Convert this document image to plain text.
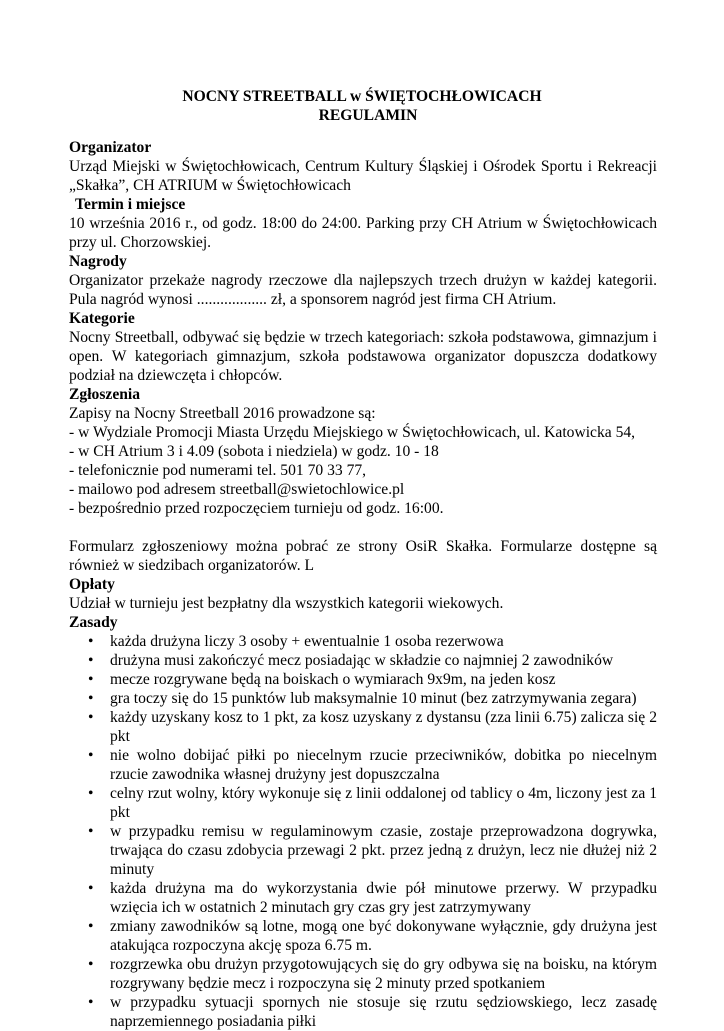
NOCNY STREETBALL w ŚWIĘTOCHŁOWICACH
REGULAMIN
Organizator
Urząd Miejski w Świętochłowicach, Centrum Kultury Śląskiej i Ośrodek Sportu i Rekreacji „Skałka”, CH ATRIUM w Świętochłowicach
Termin i miejsce
10 września 2016 r., od godz. 18:00 do 24:00. Parking przy CH Atrium w Świętochłowicach przy ul. Chorzowskiej.
Nagrody
Organizator przekaże nagrody rzeczowe dla najlepszych trzech drużyn w każdej kategorii. Pula nagród wynosi .................. zł, a sponsorem nagród jest firma CH Atrium.
Kategorie
Nocny Streetball, odbywać się będzie w trzech kategoriach: szkoła podstawowa, gimnazjum i open. W kategoriach gimnazjum, szkoła podstawowa organizator dopuszcza dodatkowy podział na dziewczęta i chłopców.
Zgłoszenia
Zapisy na Nocny Streetball 2016 prowadzone są:
- w Wydziale Promocji Miasta Urzędu Miejskiego w Świętochłowicach, ul. Katowicka 54,
- w CH Atrium 3 i 4.09 (sobota i niedziela) w godz. 10 - 18
- telefonicznie pod numerami tel. 501 70 33 77,
- mailowo pod adresem streetball@swietochlowice.pl
- bezpośrednio przed rozpoczęciem turnieju od godz. 16:00.
Formularz zgłoszeniowy można pobrać ze strony OsiR Skałka. Formularze dostępne są również w siedzibach organizatorów. L
Opłaty
Udział w turnieju jest bezpłatny dla wszystkich kategorii wiekowych.
Zasady
• każda drużyna liczy 3 osoby + ewentualnie 1 osoba rezerwowa
• drużyna musi zakończyć mecz posiadając w składzie co najmniej 2 zawodników
• mecze rozgrywane będą na boiskach o wymiarach 9x9m, na jeden kosz
• gra toczy się do 15 punktów lub maksymalnie 10 minut (bez zatrzymywania zegara)
• każdy uzyskany kosz to 1 pkt, za kosz uzyskany z dystansu (zza linii 6.75) zalicza się 2 pkt
• nie wolno dobijać piłki po niecelnym rzucie przeciwników, dobitka po niecelnym rzucie zawodnika własnej drużyny jest dopuszczalna
• celny rzut wolny, który wykonuje się z linii oddalonej od tablicy o 4m, liczony jest za 1 pkt
• w przypadku remisu w regulaminowym czasie, zostaje przeprowadzona dogrywka, trwająca do czasu zdobycia przewagi 2 pkt. przez jedną z drużyn, lecz nie dłużej niż 2 minuty
• każda drużyna ma do wykorzystania dwie pół minutowe przerwy. W przypadku wzięcia ich w ostatnich 2 minutach gry czas gry jest zatrzymywany
• zmiany zawodników są lotne, mogą one być dokonywane wyłącznie, gdy drużyna jest atakująca rozpoczyna akcję spoza 6.75 m.
• rozgrzewka obu drużyn przygotowujących się do gry odbywa się na boisku, na którym rozgrywany będzie mecz i rozpoczyna się 2 minuty przed spotkaniem
• w przypadku sytuacji spornych nie stosuje się rzutu sędziowskiego, lecz zasadę naprzemiennego posiadania piłki
